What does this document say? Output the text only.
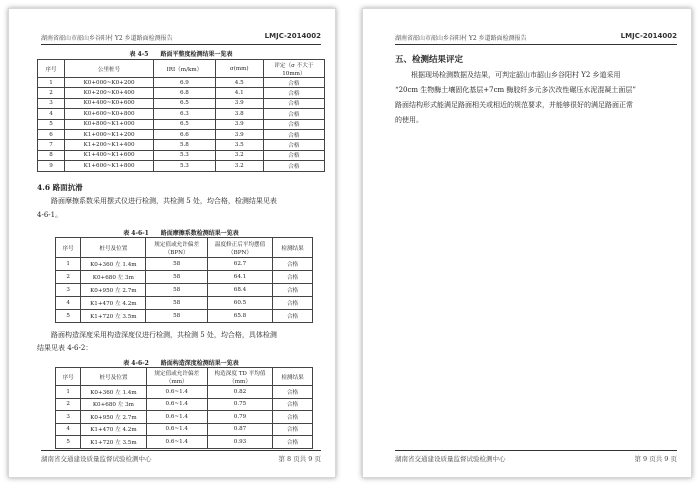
湖南省韶山市韶山乡谷阳村 Y2 乡道路面检测报告	LMJC-2014002
表 4-5　　路面平整度检测结果一览表
序号	公里桩号	IRI（m/km）	σ(mm)	评定（σ 不大于 10mm）
1	K0+000~K0+200	6.9	4.5	合格
2	K0+200~K0+400	6.8	4.1	合格
3	K0+400~K0+600	6.5	3.9	合格
4	K0+600~K0+800	6.3	3.8	合格
5	K0+800~K1+000	6.5	3.9	合格
6	K1+000~K1+200	6.6	3.9	合格
7	K1+200~K1+400	5.8	3.5	合格
8	K1+400~K1+600	5.3	3.2	合格
9	K1+600~K1+800	5.3	3.2	合格
4.6 路面抗滑
路面摩擦系数采用摆式仪进行检测，共检测 5 处，均合格，检测结果见表
4-6-1。
表 4-6-1　　路面摩擦系数检测结果一览表
序号	桩号及位置	规定值或允许偏差（BPN）	温度修正后平均摆值（BPN）	检测结果
1	K0+360 左 1.4m	58	62.7	合格
2	K0+680 左 3m	58	64.1	合格
3	K0+950 左 2.7m	58	68.4	合格
4	K1+470 左 4.2m	58	60.5	合格
5	K1+720 左 3.5m	58	65.8	合格
路面构造深度采用构造深度仪进行检测，共检测 5 处，均合格，具体检测
结果见表 4-6-2：
表 4-6-2　　路面构造深度检测结果一览表
序号	桩号及位置	规定值或允许偏差（mm）	构造深度 TD 平均值（mm）	检测结果
1	K0+360 左 1.4m	0.6~1.4	0.82	合格
2	K0+680 左 3m	0.6~1.4	0.75	合格
3	K0+950 左 2.7m	0.6~1.4	0.79	合格
4	K1+470 左 4.2m	0.6~1.4	0.87	合格
5	K1+720 左 3.5m	0.6~1.4	0.93	合格
湖南省交通建设质量监督试验检测中心	第 8 页共 9 页
湖南省韶山市韶山乡谷阳村 Y2 乡道路面检测报告	LMJC-2014002
五、检测结果评定
根据现场检测数据及结果，可判定韶山市韶山乡谷阳村 Y2 乡道采用
“20cm 生物酶土壤固化基层+7cm 酶胶纤多元多次改性碾压水泥混凝土面层”
路面结构形式能满足路面相关或相近的规范要求，并能够很好的满足路面正常
的使用。
湖南省交通建设质量监督试验检测中心	第 9 页共 9 页
